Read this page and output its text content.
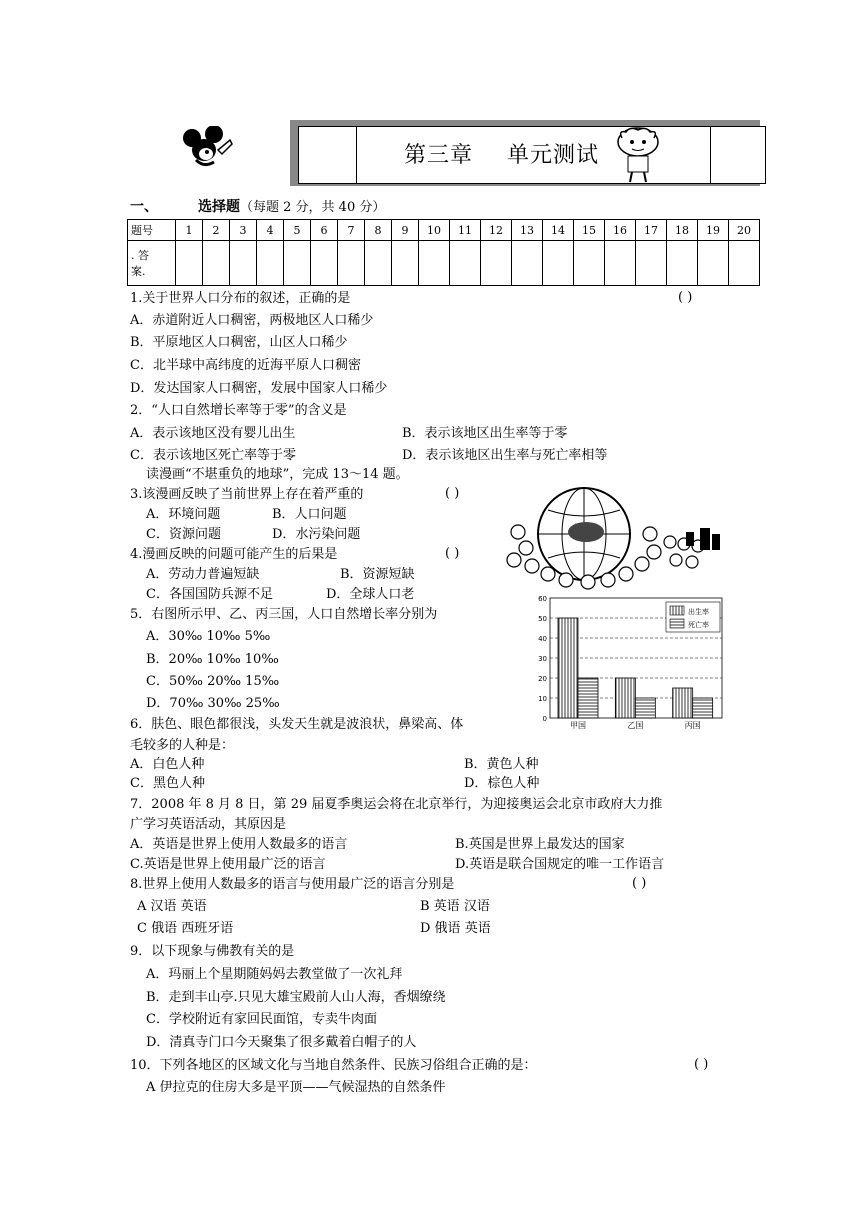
第三章 单元测试
一、	选择题（每题 2 分，共 40 分）
题号	1	2	3	4	5	6	7	8	9	10	11	12	13	14	15	16	17	18	19	20

. 答
案.																				

1.关于世界人口分布的叙述，正确的是	( )
A．赤道附近人口稠密，两极地区人口稀少
B．平原地区人口稠密，山区人口稀少
C．北半球中高纬度的近海平原人口稠密
D．发达国家人口稠密，发展中国家人口稀少
2．“人口自然增长率等于零”的含义是
A．表示该地区没有婴儿出生	B．表示该地区出生率等于零
C．表示该地区死亡率等于零	D．表示该地区出生率与死亡率相等
读漫画“不堪重负的地球”，完成 13～14 题。
3.该漫画反映了当前世界上存在着严重的	( )
A．环境问题	B．人口问题
C．资源问题	D．水污染问题
4.漫画反映的问题可能产生的后果是	( )
A．劳动力普遍短缺	B．资源短缺
C．各国国防兵源不足	D．全球人口老
5．右图所示甲、乙、丙三国，人口自然增长率分别为
A．30‰ 10‰ 5‰
B．20‰ 10‰ 10‰
C．50‰ 20‰ 15‰
D．70‰ 30‰ 25‰
0
10
20
30
40
50
60
甲国	乙国	丙国
出生率
死亡率
6．肤色、眼色都很浅，头发天生就是波浪状，鼻梁高、体
毛较多的人种是：
A．白色人种	B．黄色人种
C．黑色人种	D．棕色人种
7．2008 年 8 月 8 日，第 29 届夏季奥运会将在北京举行，为迎接奥运会北京市政府大力推
广学习英语活动，其原因是
A．英语是世界上使用人数最多的语言	B.英国是世界上最发达的国家
C.英语是世界上使用最广泛的语言	D.英语是联合国规定的唯一工作语言
8.世界上使用人数最多的语言与使用最广泛的语言分别是	( )
A 汉语 英语	B 英语 汉语
C 俄语 西班牙语	D 俄语 英语
9．以下现象与佛教有关的是
A．玛丽上个星期随妈妈去教堂做了一次礼拜
B．走到丰山亭.只见大雄宝殿前人山人海，香烟缭绕
C．学校附近有家回民面馆，专卖牛肉面
D．清真寺门口今天聚集了很多戴着白帽子的人
10．下列各地区的区域文化与当地自然条件、民族习俗组合正确的是：	( )
A 伊拉克的住房大多是平顶——气候湿热的自然条件
